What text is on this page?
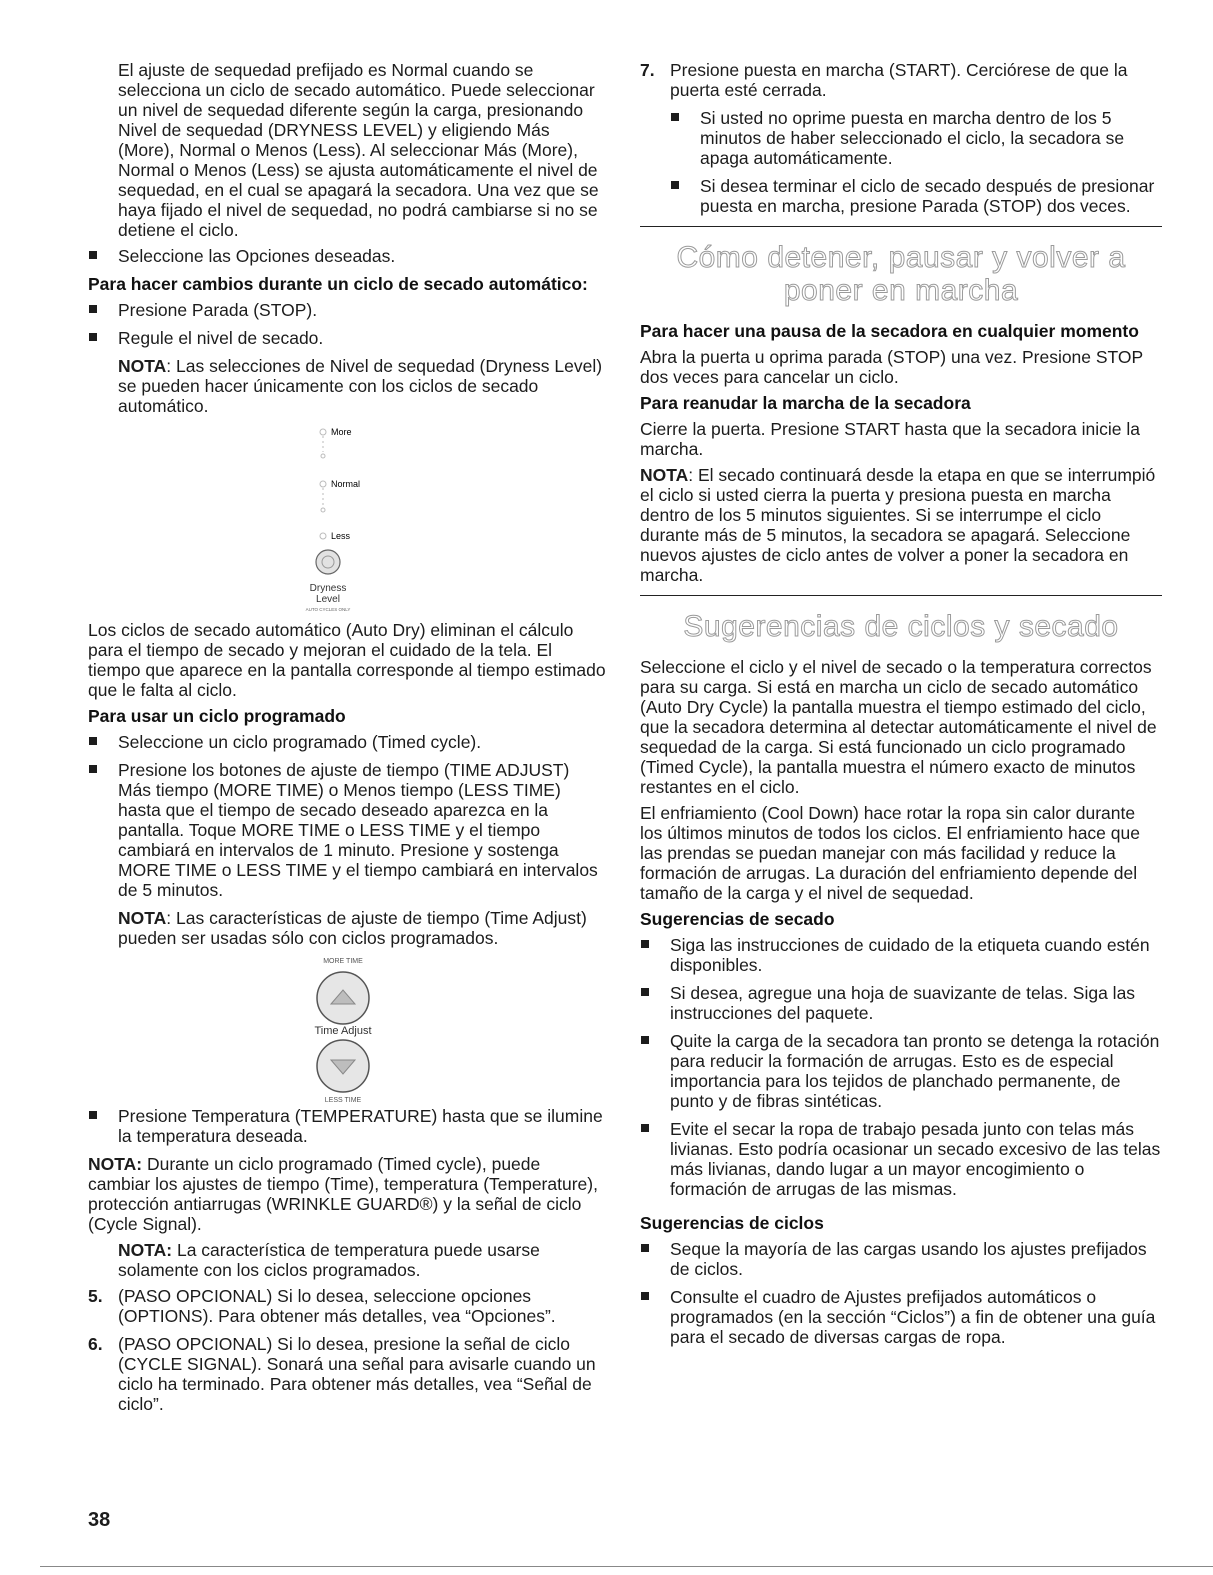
El ajuste de sequedad prefijado es Normal cuando se selecciona un ciclo de secado automático. Puede seleccionar un nivel de sequedad diferente según la carga, presionando Nivel de sequedad (DRYNESS LEVEL) y eligiendo Más (More), Normal o Menos (Less). Al seleccionar Más (More), Normal o Menos (Less) se ajusta automáticamente el nivel de sequedad, en el cual se apagará la secadora. Una vez que se haya fijado el nivel de sequedad, no podrá cambiarse si no se detiene el ciclo.

Seleccione las Opciones deseadas.
Para hacer cambios durante un ciclo de secado automático:
Presione Parada (STOP).
Regule el nivel de secado.

NOTA: Las selecciones de Nivel de sequedad (Dryness Level) se pueden hacer únicamente con los ciclos de secado automático.

More
Normal
Less
Dryness
Level
AUTO CYCLES ONLY

Los ciclos de secado automático (Auto Dry) eliminan el cálculo para el tiempo de secado y mejoran el cuidado de la tela. El tiempo que aparece en la pantalla corresponde al tiempo estimado que le falta al ciclo.

Para usar un ciclo programado
Seleccione un ciclo programado (Timed cycle).
Presione los botones de ajuste de tiempo (TIME ADJUST) Más tiempo (MORE TIME) o Menos tiempo (LESS TIME) hasta que el tiempo de secado deseado aparezca en la pantalla. Toque MORE TIME o LESS TIME y el tiempo cambiará en intervalos de 1 minuto. Presione y sostenga MORE TIME o LESS TIME y el tiempo cambiará en intervalos de 5 minutos.

NOTA: Las características de ajuste de tiempo (Time Adjust) pueden ser usadas sólo con ciclos programados.

MORE TIME
Time Adjust
LESS TIME
Presione Temperatura (TEMPERATURE) hasta que se ilumine la temperatura deseada.

NOTA: Durante un ciclo programado (Timed cycle), puede cambiar los ajustes de tiempo (Time), temperatura (Temperature), protección antiarrugas (WRINKLE GUARD®) y la señal de ciclo (Cycle Signal).

NOTA: La característica de temperatura puede usarse solamente con los ciclos programados.

5. (PASO OPCIONAL) Si lo desea, seleccione opciones (OPTIONS). Para obtener más detalles, vea “Opciones”.
6. (PASO OPCIONAL) Si lo desea, presione la señal de ciclo (CYCLE SIGNAL). Sonará una señal para avisarle cuando un ciclo ha terminado. Para obtener más detalles, vea “Señal de ciclo”.
7. Presione puesta en marcha (START). Cerciórese de que la puerta esté cerrada.
Si usted no oprime puesta en marcha dentro de los 5 minutos de haber seleccionado el ciclo, la secadora se apaga automáticamente.
Si desea terminar el ciclo de secado después de presionar puesta en marcha, presione Parada (STOP) dos veces.
Cómo detener, pausar y volver a poner en marcha
Para hacer una pausa de la secadora en cualquier momento

Abra la puerta u oprima parada (STOP) una vez. Presione STOP dos veces para cancelar un ciclo.

Para reanudar la marcha de la secadora

Cierre la puerta. Presione START hasta que la secadora inicie la marcha.

NOTA: El secado continuará desde la etapa en que se interrumpió el ciclo si usted cierra la puerta y presiona puesta en marcha dentro de los 5 minutos siguientes. Si se interrumpe el ciclo durante más de 5 minutos, la secadora se apagará. Seleccione nuevos ajustes de ciclo antes de volver a poner la secadora en marcha.

Sugerencias de ciclos y secado

Seleccione el ciclo y el nivel de secado o la temperatura correctos para su carga. Si está en marcha un ciclo de secado automático (Auto Dry Cycle) la pantalla muestra el tiempo estimado del ciclo, que la secadora determina al detectar automáticamente el nivel de sequedad de la carga. Si está funcionado un ciclo programado (Timed Cycle), la pantalla muestra el número exacto de minutos restantes en el ciclo.

El enfriamiento (Cool Down) hace rotar la ropa sin calor durante los últimos minutos de todos los ciclos. El enfriamiento hace que las prendas se puedan manejar con más facilidad y reduce la formación de arrugas. La duración del enfriamiento depende del tamaño de la carga y el nivel de sequedad.

Sugerencias de secado
Siga las instrucciones de cuidado de la etiqueta cuando estén disponibles.
Si desea, agregue una hoja de suavizante de telas. Siga las instrucciones del paquete.
Quite la carga de la secadora tan pronto se detenga la rotación para reducir la formación de arrugas. Esto es de especial importancia para los tejidos de planchado permanente, de punto y de fibras sintéticas.
Evite el secar la ropa de trabajo pesada junto con telas más livianas. Esto podría ocasionar un secado excesivo de las telas más livianas, dando lugar a un mayor encogimiento o formación de arrugas de las mismas.
Sugerencias de ciclos
Seque la mayoría de las cargas usando los ajustes prefijados de ciclos.
Consulte el cuadro de Ajustes prefijados automáticos o programados (en la sección “Ciclos”) a fin de obtener una guía para el secado de diversas cargas de ropa.
38
